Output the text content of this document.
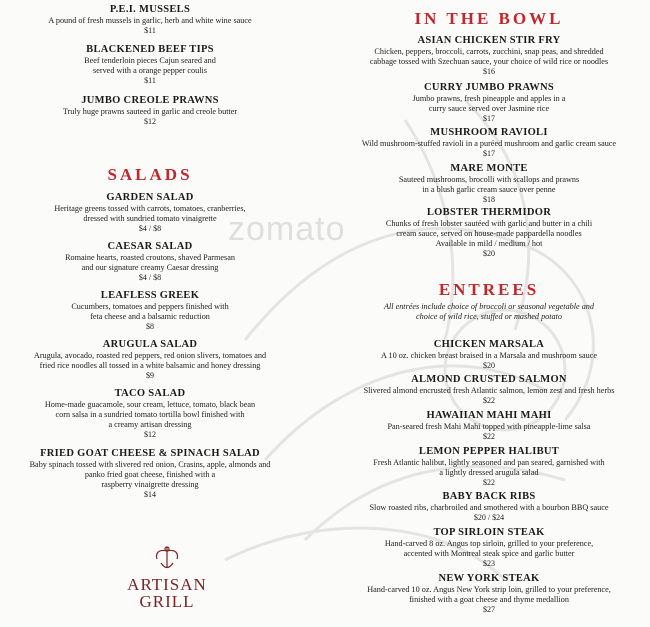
zomato
P.E.I. MUSSELS
A pound of fresh mussels in garlic, herb and white wine sauce
$11
BLACKENED BEEF TIPS
Beef tenderloin pieces Cajun seared and
served with a orange pepper coulis
$11
JUMBO CREOLE PRAWNS
Truly huge prawns sauteed in garlic and creole butter
$12
SALADS
GARDEN SALAD
Heritage greens tossed with carrots, tomatoes, cranberries,
dressed with sundried tomato vinaigrette
$4 / $8
CAESAR SALAD
Romaine hearts, roasted croutons, shaved Parmesan
and our signature creamy Caesar dressing
$4 / $8
LEAFLESS GREEK
Cucumbers, tomatoes and peppers finished with
feta cheese and a balsamic reduction
$8
ARUGULA SALAD
Arugula, avocado, roasted red peppers, red onion slivers, tomatoes and
fried rice noodles all tossed in a white balsamic and honey dressing
$9
TACO SALAD
Home-made guacamole, sour cream, lettuce, tomato, black bean
corn salsa in a sundried tomato tortilla bowl finished with
a creamy artisan dressing
$12
FRIED GOAT CHEESE & SPINACH SALAD
Baby spinach tossed with slivered red onion, Crasins, apple, almonds and
panko fried goat cheese, finished with a
raspberry vinaigrette dressing
$14
ARTISAN
GRILL
IN THE BOWL
ASIAN CHICKEN STIR FRY
Chicken, peppers, broccoli, carrots, zucchini, snap peas, and shredded
cabbage tossed with Szechuan sauce, your choice of wild rice or noodles
$16
CURRY JUMBO PRAWNS
Jumbo prawns, fresh pineapple and apples in a
curry sauce served over Jasmine rice
$17
MUSHROOM RAVIOLI
Wild mushroom-stuffed ravioli in a puréed mushroom and garlic cream sauce
$17
MARE MONTE
Sauteed mushrooms, brocolli with scallops and prawns
in a blush garlic cream sauce over penne
$18
LOBSTER THERMIDOR
Chunks of fresh lobster sautéed with garlic and butter in a chili
cream sauce, served on house-made pappardella noodles
Available in mild / medium / hot
$20
ENTREES
All entrées include choice of broccoli or seasonal vegetable and
choice of wild rice, stuffed or mashed potato
CHICKEN MARSALA
A 10 oz. chicken breast braised in a Marsala and mushroom sauce
$20
ALMOND CRUSTED SALMON
Slivered almond encrusted fresh Atlantic salmon, lemon zest and fresh herbs
$22
HAWAIIAN MAHI MAHI
Pan-seared fresh Mahi Mahi topped with pineapple-lime salsa
$22
LEMON PEPPER HALIBUT
Fresh Atlantic halibut, lightly seasoned and pan seared, garnished with
a lightly dressed arugula salad
$22
BABY BACK RIBS
Slow roasted ribs, charbroiled and smothered with a bourbon BBQ sauce
$20 / $24
TOP SIRLOIN STEAK
Hand-carved 8 oz. Angus top sirloin, grilled to your preference,
accented with Montreal steak spice and garlic butter
$23
NEW YORK STEAK
Hand-carved 10 oz. Angus New York strip loin, grilled to your preference,
finished with a goat cheese and thyme medallion
$27
